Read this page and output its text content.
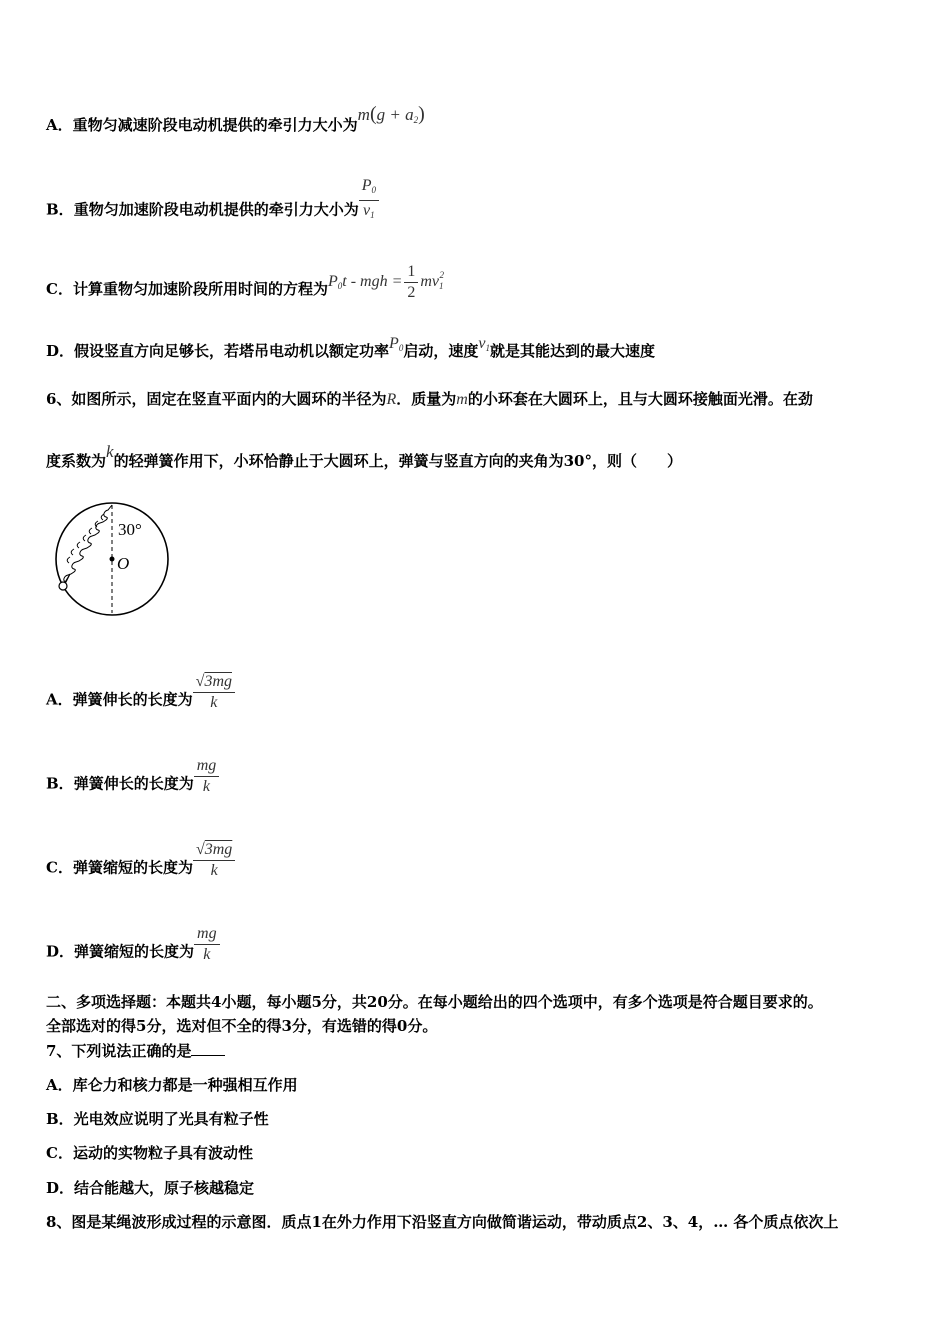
A．重物匀减速阶段电动机提供的牵引力大小为$m(g + a_2)$
B．重物匀加速阶段电动机提供的牵引力大小为 $\frac{P_0}{v_1}$
C．计算重物匀加速阶段所用时间的方程为$P_0t$ - mgh = $\frac{1}{2} mv_1^2$
D．假设竖直方向足够长，若塔吊电动机以额定功率$P_0$启动，速度$v_1$就是其能达到的最大速度
6、如图所示，固定在竖直平面内的大圆环的半径为R．质量为m的小环套在大圆环上，且与大圆环接触面光滑。在劲
度系数为k的轻弹簧作用下，小环恰静止于大圆环上，弹簧与竖直方向的夹角为30°，则（　　）
O
30°
A．弹簧伸长的长度为 $\frac{√3mg}{k}$
B．弹簧伸长的长度为 $\frac{mg}{k}$
C．弹簧缩短的长度为 $\frac{√3mg}{k}$
D．弹簧缩短的长度为 $\frac{mg}{k}$
二、多项选择题：本题共4小题，每小题5分，共20分。在每小题给出的四个选项中，有多个选项是符合题目要求的。
全部选对的得5分，选对但不全的得3分，有选错的得0分。
7、下列说法正确的是
A．库仑力和核力都是一种强相互作用
B．光电效应说明了光具有粒子性
C．运动的实物粒子具有波动性
D．结合能越大，原子核越稳定
8、图是某绳波形成过程的示意图．质点1在外力作用下沿竖直方向做简谐运动，带动质点2、3、4，… 各个质点依次上
